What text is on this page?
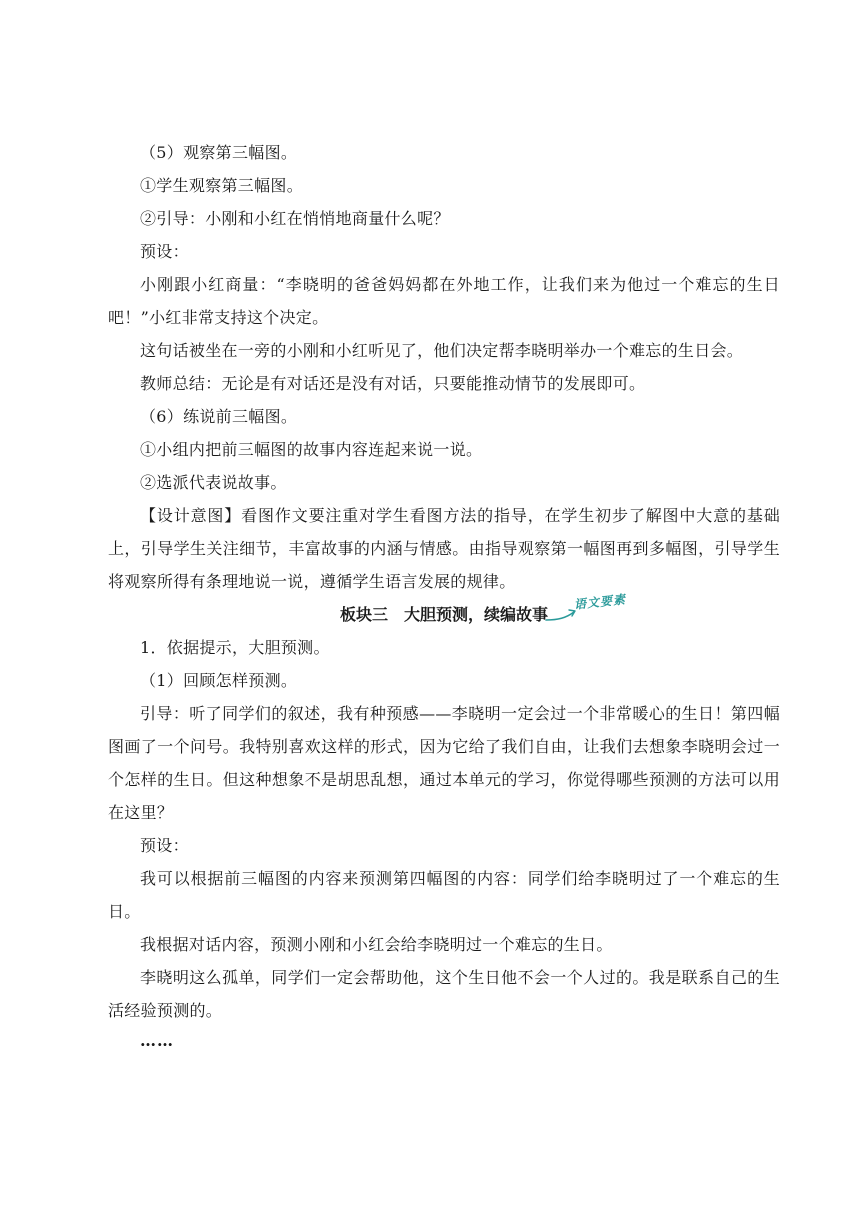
（5）观察第三幅图。

①学生观察第三幅图。

②引导：小刚和小红在悄悄地商量什么呢？

预设：

小刚跟小红商量：“李晓明的爸爸妈妈都在外地工作，让我们来为他过一个难忘的生日吧！”小红非常支持这个决定。

这句话被坐在一旁的小刚和小红听见了，他们决定帮李晓明举办一个难忘的生日会。

教师总结：无论是有对话还是没有对话，只要能推动情节的发展即可。

（6）练说前三幅图。

①小组内把前三幅图的故事内容连起来说一说。

②选派代表说故事。

【设计意图】看图作文要注重对学生看图方法的指导，在学生初步了解图中大意的基础上，引导学生关注细节，丰富故事的内涵与情感。由指导观察第一幅图再到多幅图，引导学生将观察所得有条理地说一说，遵循学生语言发展的规律。

板块三　大胆预测，续编故事
语文要素

1．依据提示，大胆预测。

（1）回顾怎样预测。

引导：听了同学们的叙述，我有种预感——李晓明一定会过一个非常暖心的生日！第四幅图画了一个问号。我特别喜欢这样的形式，因为它给了我们自由，让我们去想象李晓明会过一个怎样的生日。但这种想象不是胡思乱想，通过本单元的学习，你觉得哪些预测的方法可以用在这里？

预设：

我可以根据前三幅图的内容来预测第四幅图的内容：同学们给李晓明过了一个难忘的生日。

我根据对话内容，预测小刚和小红会给李晓明过一个难忘的生日。

李晓明这么孤单，同学们一定会帮助他，这个生日他不会一个人过的。我是联系自己的生活经验预测的。

……
